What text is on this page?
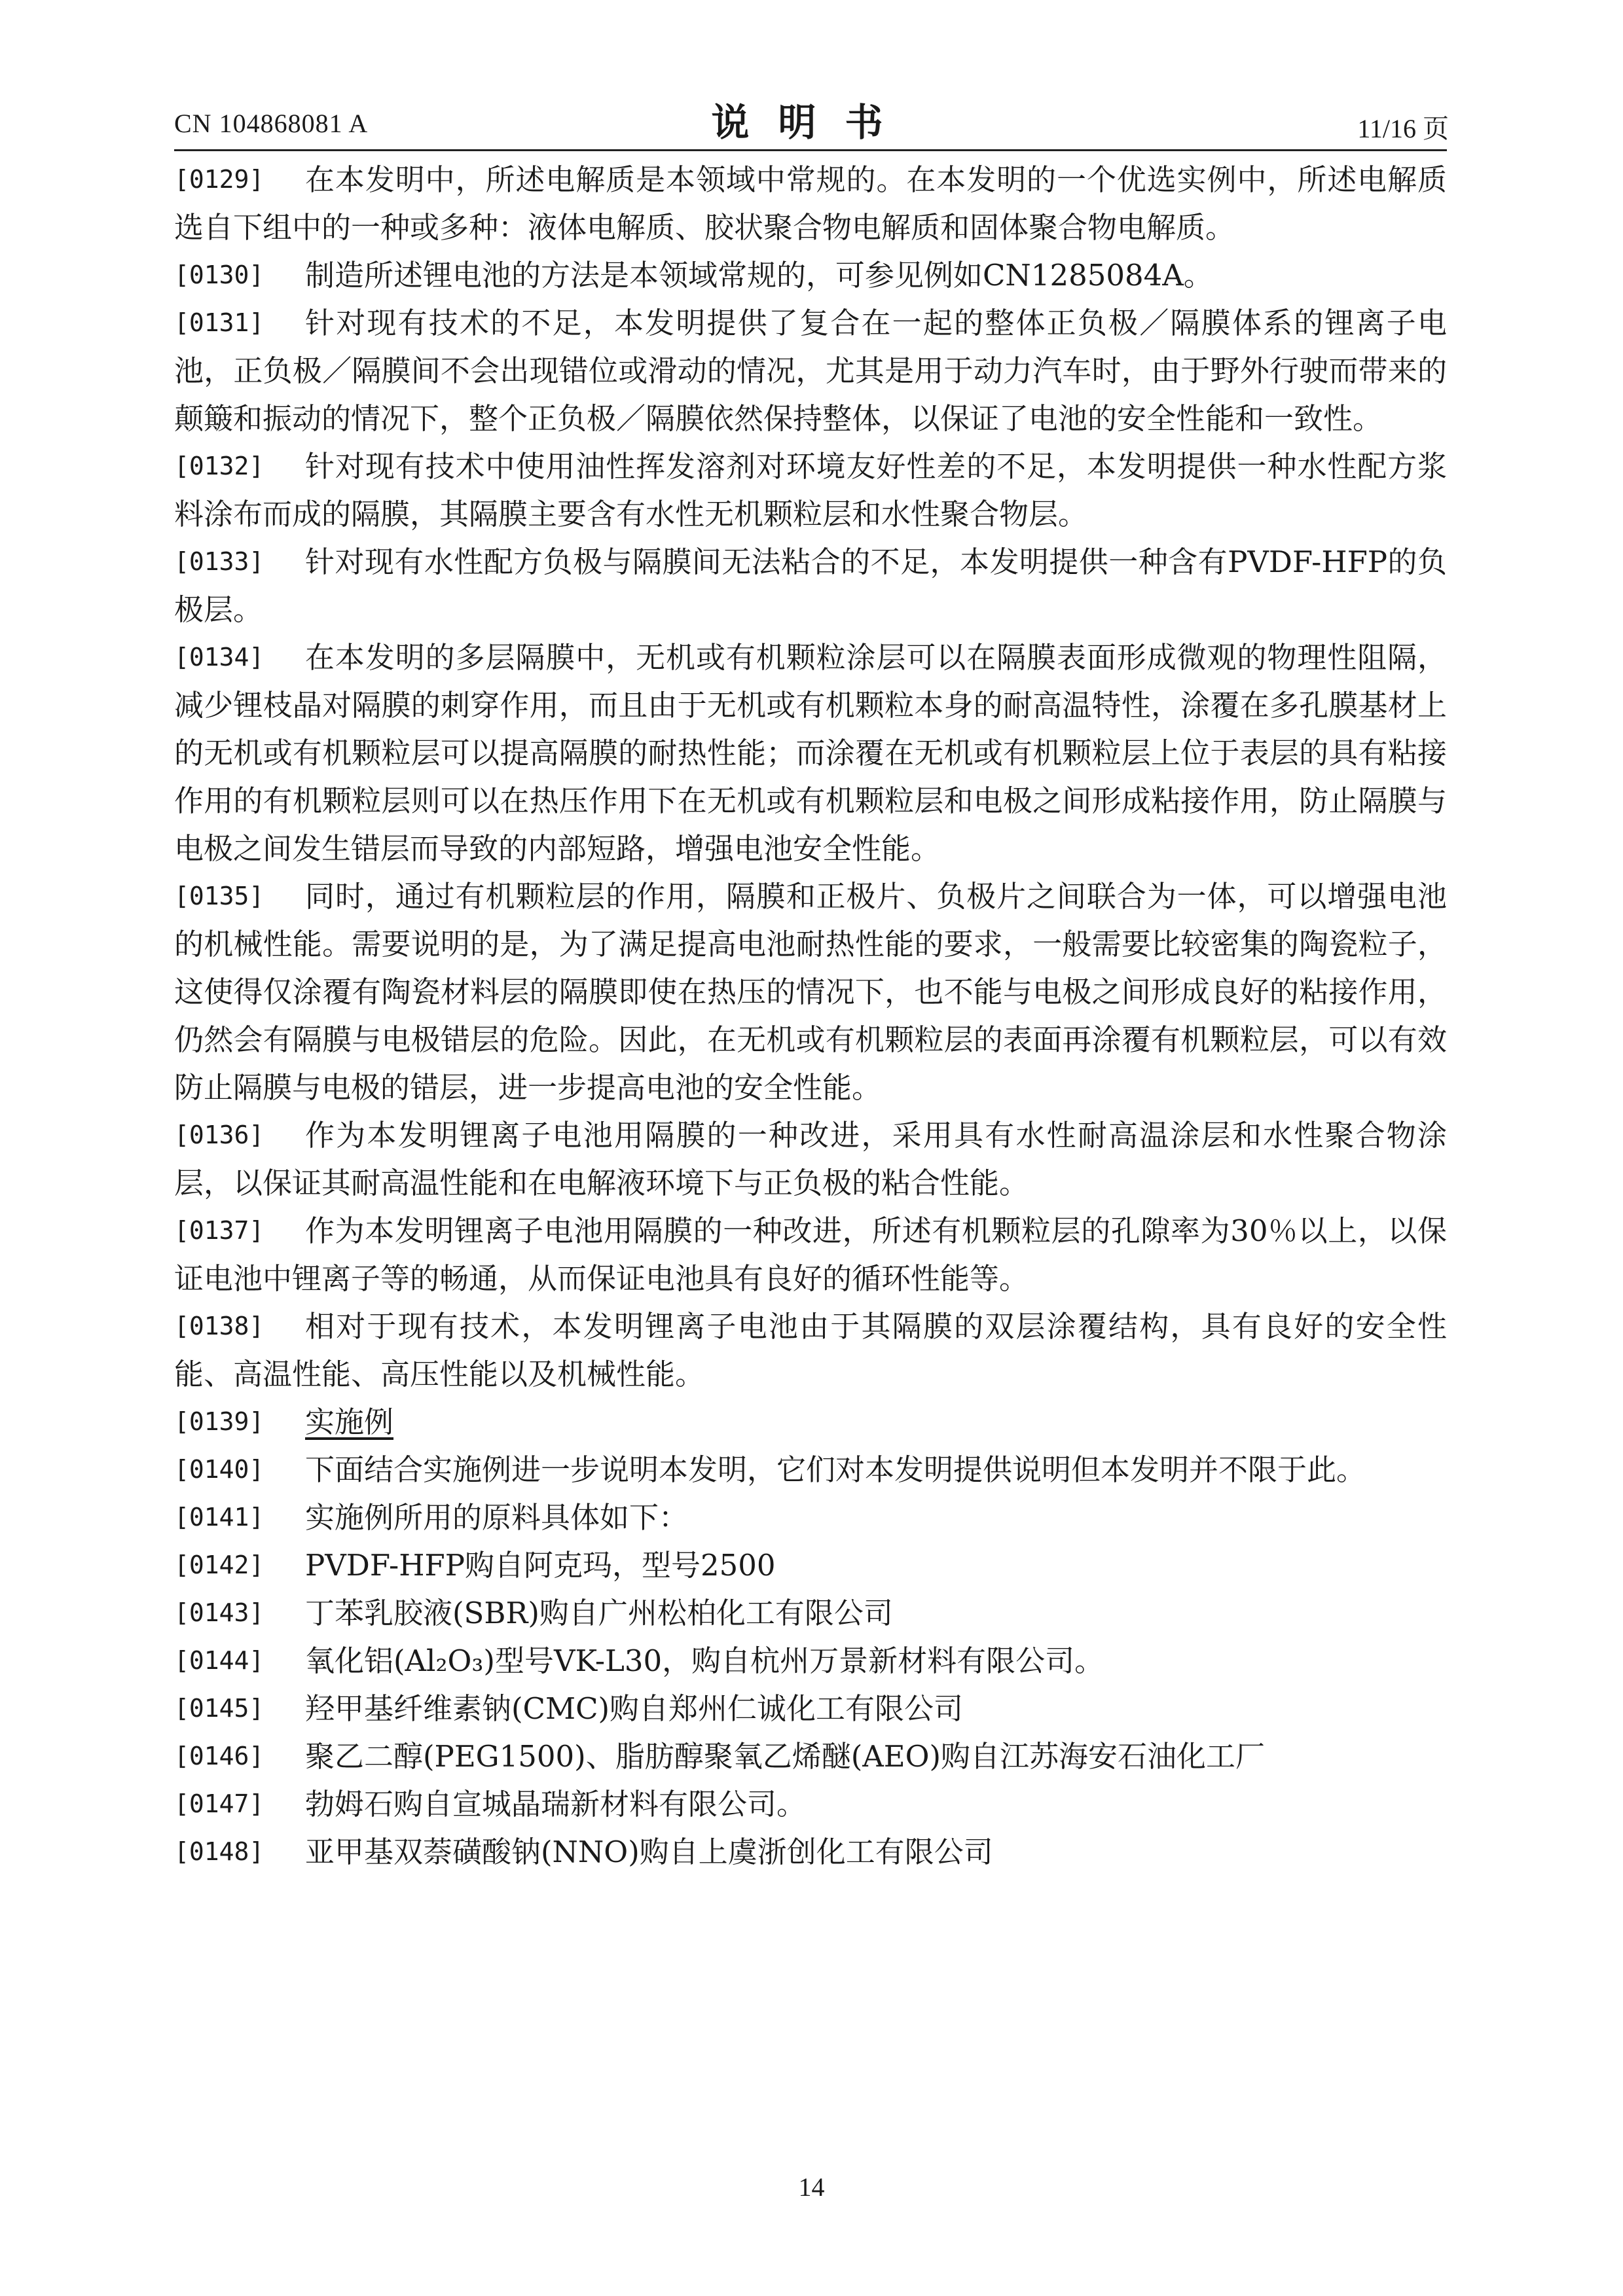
CN 104868081 A	说明书	11/16 页
[0129] 在本发明中，所述电解质是本领域中常规的。在本发明的一个优选实例中，所述电解质选自下组中的一种或多种：液体电解质、胶状聚合物电解质和固体聚合物电解质。
[0130] 制造所述锂电池的方法是本领域常规的，可参见例如CN1285084A。
[0131] 针对现有技术的不足，本发明提供了复合在一起的整体正负极／隔膜体系的锂离子电池，正负极／隔膜间不会出现错位或滑动的情况，尤其是用于动力汽车时，由于野外行驶而带来的颠簸和振动的情况下，整个正负极／隔膜依然保持整体，以保证了电池的安全性能和一致性。
[0132] 针对现有技术中使用油性挥发溶剂对环境友好性差的不足，本发明提供一种水性配方浆料涂布而成的隔膜，其隔膜主要含有水性无机颗粒层和水性聚合物层。
[0133] 针对现有水性配方负极与隔膜间无法粘合的不足，本发明提供一种含有PVDF-HFP的负极层。
[0134] 在本发明的多层隔膜中，无机或有机颗粒涂层可以在隔膜表面形成微观的物理性阻隔，减少锂枝晶对隔膜的刺穿作用，而且由于无机或有机颗粒本身的耐高温特性，涂覆在多孔膜基材上的无机或有机颗粒层可以提高隔膜的耐热性能；而涂覆在无机或有机颗粒层上位于表层的具有粘接作用的有机颗粒层则可以在热压作用下在无机或有机颗粒层和电极之间形成粘接作用，防止隔膜与电极之间发生错层而导致的内部短路，增强电池安全性能。
[0135] 同时，通过有机颗粒层的作用，隔膜和正极片、负极片之间联合为一体，可以增强电池的机械性能。需要说明的是，为了满足提高电池耐热性能的要求，一般需要比较密集的陶瓷粒子，这使得仅涂覆有陶瓷材料层的隔膜即使在热压的情况下，也不能与电极之间形成良好的粘接作用，仍然会有隔膜与电极错层的危险。因此，在无机或有机颗粒层的表面再涂覆有机颗粒层，可以有效防止隔膜与电极的错层，进一步提高电池的安全性能。
[0136] 作为本发明锂离子电池用隔膜的一种改进，采用具有水性耐高温涂层和水性聚合物涂层，以保证其耐高温性能和在电解液环境下与正负极的粘合性能。
[0137] 作为本发明锂离子电池用隔膜的一种改进，所述有机颗粒层的孔隙率为30％以上，以保证电池中锂离子等的畅通，从而保证电池具有良好的循环性能等。
[0138] 相对于现有技术，本发明锂离子电池由于其隔膜的双层涂覆结构，具有良好的安全性能、高温性能、高压性能以及机械性能。
[0139] 实施例
[0140] 下面结合实施例进一步说明本发明，它们对本发明提供说明但本发明并不限于此。
[0141] 实施例所用的原料具体如下：
[0142] PVDF-HFP购自阿克玛，型号2500
[0143] 丁苯乳胶液(SBR)购自广州松柏化工有限公司
[0144] 氧化铝(Al₂O₃)型号VK-L30，购自杭州万景新材料有限公司。
[0145] 羟甲基纤维素钠(CMC)购自郑州仁诚化工有限公司
[0146] 聚乙二醇(PEG1500)、脂肪醇聚氧乙烯醚(AEO)购自江苏海安石油化工厂
[0147] 勃姆石购自宣城晶瑞新材料有限公司。
[0148] 亚甲基双萘磺酸钠(NNO)购自上虞浙创化工有限公司
14
